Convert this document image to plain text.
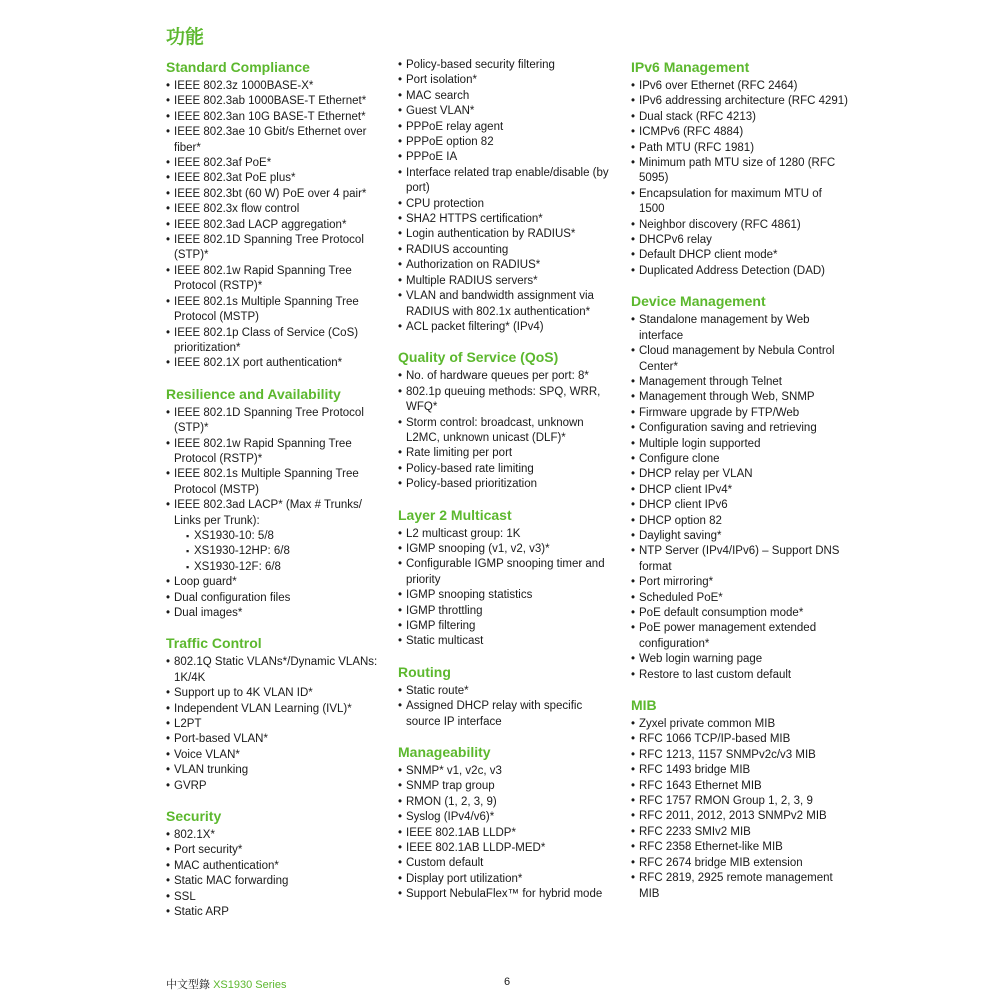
功能
Standard Compliance
• IEEE 802.3z 1000BASE-X*
• IEEE 802.3ab 1000BASE-T Ethernet*
• IEEE 802.3an 10G BASE-T Ethernet*
• IEEE 802.3ae 10 Gbit/s Ethernet over fiber*
• IEEE 802.3af PoE*
• IEEE 802.3at PoE plus*
• IEEE 802.3bt (60 W) PoE over 4 pair*
• IEEE 802.3x flow control
• IEEE 802.3ad LACP aggregation*
• IEEE 802.1D Spanning Tree Protocol (STP)*
• IEEE 802.1w Rapid Spanning Tree Protocol (RSTP)*
• IEEE 802.1s Multiple Spanning Tree Protocol (MSTP)
• IEEE 802.1p Class of Service (CoS) prioritization*
• IEEE 802.1X port authentication*
Resilience and Availability
• IEEE 802.1D Spanning Tree Protocol (STP)*
• IEEE 802.1w Rapid Spanning Tree Protocol (RSTP)*
• IEEE 802.1s Multiple Spanning Tree Protocol (MSTP)
• IEEE 802.3ad LACP* (Max # Trunks/ Links per Trunk):
▪ XS1930-10: 5/8
▪ XS1930-12HP: 6/8
▪ XS1930-12F: 6/8
• Loop guard*
• Dual configuration files
• Dual images*
Traffic Control
• 802.1Q Static VLANs*/Dynamic VLANs: 1K/4K
• Support up to 4K VLAN ID*
• Independent VLAN Learning (IVL)*
• L2PT
• Port-based VLAN*
• Voice VLAN*
• VLAN trunking
• GVRP
Security
• 802.1X*
• Port security*
• MAC authentication*
• Static MAC forwarding
• SSL
• Static ARP
• Policy-based security filtering
• Port isolation*
• MAC search
• Guest VLAN*
• PPPoE relay agent
• PPPoE option 82
• PPPoE IA
• Interface related trap enable/disable (by port)
• CPU protection
• SHA2 HTTPS certification*
• Login authentication by RADIUS*
• RADIUS accounting
• Authorization on RADIUS*
• Multiple RADIUS servers*
• VLAN and bandwidth assignment via RADIUS with 802.1x authentication*
• ACL packet filtering* (IPv4)
Quality of Service (QoS)
• No. of hardware queues per port: 8*
• 802.1p queuing methods: SPQ, WRR, WFQ*
• Storm control: broadcast, unknown L2MC, unknown unicast (DLF)*
• Rate limiting per port
• Policy-based rate limiting
• Policy-based prioritization
Layer 2 Multicast
• L2 multicast group: 1K
• IGMP snooping (v1, v2, v3)*
• Configurable IGMP snooping timer and priority
• IGMP snooping statistics
• IGMP throttling
• IGMP filtering
• Static multicast
Routing
• Static route*
• Assigned DHCP relay with specific source IP interface
Manageability
• SNMP* v1, v2c, v3
• SNMP trap group
• RMON (1, 2, 3, 9)
• Syslog (IPv4/v6)*
• IEEE 802.1AB LLDP*
• IEEE 802.1AB LLDP-MED*
• Custom default
• Display port utilization*
• Support NebulaFlex™ for hybrid mode
IPv6 Management
• IPv6 over Ethernet (RFC 2464)
• IPv6 addressing architecture (RFC 4291)
• Dual stack (RFC 4213)
• ICMPv6 (RFC 4884)
• Path MTU (RFC 1981)
• Minimum path MTU size of 1280 (RFC 5095)
• Encapsulation for maximum MTU of 1500
• Neighbor discovery (RFC 4861)
• DHCPv6 relay
• Default DHCP client mode*
• Duplicated Address Detection (DAD)
Device Management
• Standalone management by Web interface
• Cloud management by Nebula Control Center*
• Management through Telnet
• Management through Web, SNMP
• Firmware upgrade by FTP/Web
• Configuration saving and retrieving
• Multiple login supported
• Configure clone
• DHCP relay per VLAN
• DHCP client IPv4*
• DHCP client IPv6
• DHCP option 82
• Daylight saving*
• NTP Server (IPv4/IPv6) – Support DNS format
• Port mirroring*
• Scheduled PoE*
• PoE default consumption mode*
• PoE power management extended configuration*
• Web login warning page
• Restore to last custom default
MIB
• Zyxel private common MIB
• RFC 1066 TCP/IP-based MIB
• RFC 1213, 1157 SNMPv2c/v3 MIB
• RFC 1493 bridge MIB
• RFC 1643 Ethernet MIB
• RFC 1757 RMON Group 1, 2, 3, 9
• RFC 2011, 2012, 2013 SNMPv2 MIB
• RFC 2233 SMIv2 MIB
• RFC 2358 Ethernet-like MIB
• RFC 2674 bridge MIB extension
• RFC 2819, 2925 remote management MIB
中文型錄 XS1930 Series	6
